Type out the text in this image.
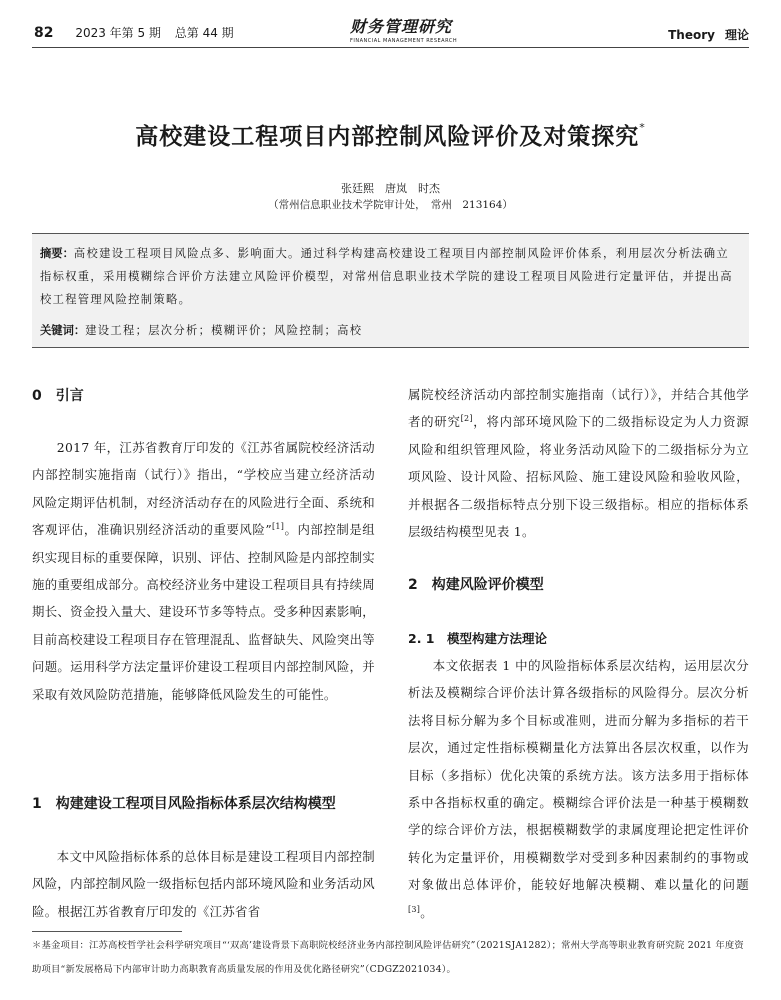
82 2023 年第 5 期 总第 44 期	财务管理研究
FINANCIAL MANAGEMENT RESEARCH	Theory 理论
高校建设工程项目内部控制风险评价及对策探究*
张廷熙　唐岚　时杰
（常州信息职业技术学院审计处，　常州　213164）
摘要：高校建设工程项目风险点多、影响面大。通过科学构建高校建设工程项目内部控制风险评价体系，利用层次分析法确立指标权重，采用模糊综合评价方法建立风险评价模型，对常州信息职业技术学院的建设工程项目风险进行定量评估，并提出高校工程管理风险控制策略。
关键词：建设工程；层次分析；模糊评价；风险控制；高校
0　引言

2017 年，江苏省教育厅印发的《江苏省属院校经济活动内部控制实施指南（试行）》指出，“学校应当建立经济活动风险定期评估机制，对经济活动存在的风险进行全面、系统和客观评估，准确识别经济活动的重要风险”[1]。内部控制是组织实现目标的重要保障，识别、评估、控制风险是内部控制实施的重要组成部分。高校经济业务中建设工程项目具有持续周期长、资金投入量大、建设环节多等特点。受多种因素影响，目前高校建设工程项目存在管理混乱、监督缺失、风险突出等问题。运用科学方法定量评价建设工程项目内部控制风险，并采取有效风险防范措施，能够降低风险发生的可能性。

1　构建建设工程项目风险指标体系层次结构模型

本文中风险指标体系的总体目标是建设工程项目内部控制风险，内部控制风险一级指标包括内部环境风险和业务活动风险。根据江苏省教育厅印发的《江苏省省

属院校经济活动内部控制实施指南（试行）》，并结合其他学者的研究[2]，将内部环境风险下的二级指标设定为人力资源风险和组织管理风险，将业务活动风险下的二级指标分为立项风险、设计风险、招标风险、施工建设风险和验收风险，并根据各二级指标特点分别下设三级指标。相应的指标体系层级结构模型见表 1。

2　构建风险评价模型
2. 1　模型构建方法理论

本文依据表 1 中的风险指标体系层次结构，运用层次分析法及模糊综合评价法计算各级指标的风险得分。层次分析法将目标分解为多个目标或准则，进而分解为多指标的若干层次，通过定性指标模糊量化方法算出各层次权重，以作为目标（多指标）优化决策的系统方法。该方法多用于指标体系中各指标权重的确定。模糊综合评价法是一种基于模糊数学的综合评价方法，根据模糊数学的隶属度理论把定性评价转化为定量评价，用模糊数学对受到多种因素制约的事物或对象做出总体评价，能较好地解决模糊、难以量化的问题[3]。

＊基金项目：江苏高校哲学社会科学研究项目“‘双高’建设背景下高职院校经济业务内部控制风险评估研究”（2021SJA1282）；常州大学高等职业教育研究院 2021 年度资助项目“新发展格局下内部审计助力高职教育高质量发展的作用及优化路径研究”（CDGZ2021034）。
